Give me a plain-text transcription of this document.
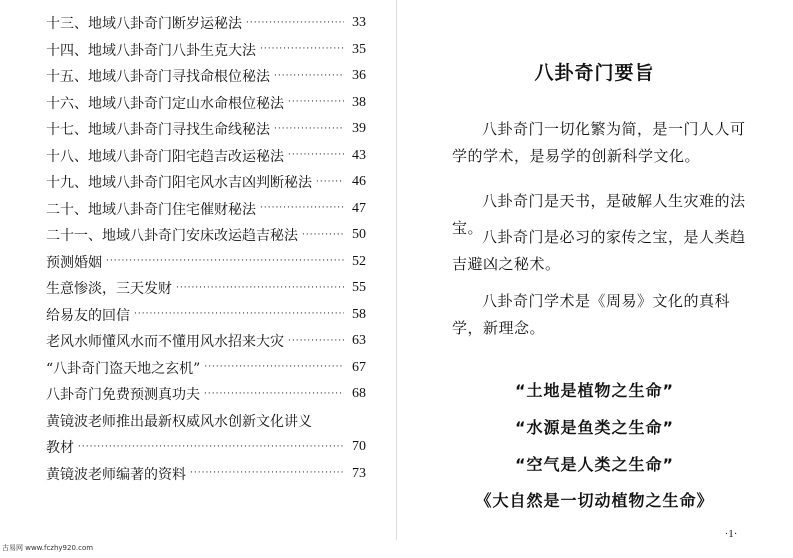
十三、地域八卦奇门断岁运秘法 ·····	33
十四、地域八卦奇门八卦生克大法 ·····	35
十五、地域八卦奇门寻找命根位秘法 ·····	36
十六、地域八卦奇门定山水命根位秘法 ·····	38
十七、地域八卦奇门寻找生命线秘法 ·····	39
十八、地域八卦奇门阳宅趋吉改运秘法 ·····	43
十九、地域八卦奇门阳宅风水吉凶判断秘法 ·····	46
二十、地域八卦奇门住宅催财秘法 ·····	47
二十一、地域八卦奇门安床改运趋吉秘法 ·····	50
预测婚姻 ·····	52
生意惨淡，三天发财 ·····	55
给易友的回信 ·····	58
老风水师懂风水而不懂用风水招来大灾 ·····	63
“八卦奇门盗天地之玄机” ·····	67
八卦奇门免费预测真功夫 ·····	68
黄镜波老师推出最新权威风水创新文化讲义
教材 ·····	70
黄镜波老师编著的资料 ·····	73
八卦奇门要旨

八卦奇门一切化繁为简，是一门人人可学的学术，是易学的创新科学文化。

八卦奇门是天书，是破解人生灾难的法宝。

八卦奇门是必习的家传之宝，是人类趋吉避凶之秘术。

八卦奇门学术是《周易》文化的真科学，新理念。

“土地是植物之生命”
“水源是鱼类之生命”
“空气是人类之生命”
《大自然是一切动植物之生命》
·1·
古易网 www.fczhy920.com
